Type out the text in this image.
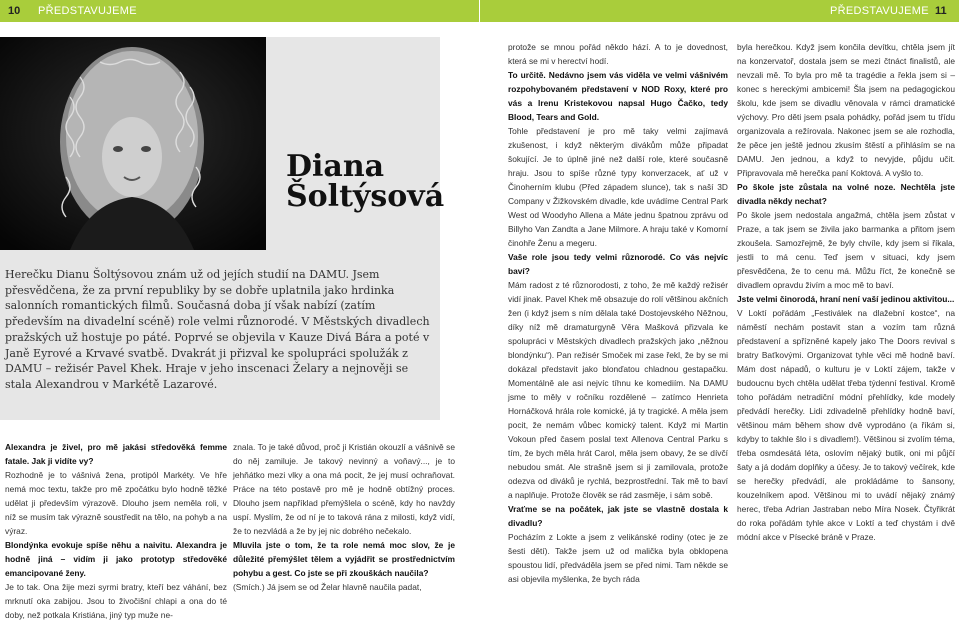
10 PŘEDSTAVUJEME
Diana
Šoltýsová
Herečku Dianu Šoltýsovou znám už od jejích studií na DAMU. Jsem přesvědčena, že za první republiky by se dobře uplatnila jako hrdinka salonních romantických filmů. Současná doba jí však nabízí (zatím především na divadelní scéně) role velmi různorodé. V Městských divadlech pražských už hostuje po páté. Poprvé se objevila v Kauze Divá Bára a poté v Janě Eyrové a Krvavé svatbě. Dvakrát ji přizval ke spolupráci spolužák z DAMU – režisér Pavel Khek. Hraje v jeho inscenaci Želary a nejnověji se stala Alexandrou v Markétě Lazarové.

Alexandra je živel, pro mě jakási středověká femme fatale. Jak ji vidíte vy?

Rozhodně je to vášnivá žena, protipól Markéty. Ve hře nemá moc textu, takže pro mě zpočátku bylo hodně těžké udělat ji především výrazově. Dlouho jsem neměla roli, v níž se musím tak výrazně soustředit na tělo, na pohyb a na výraz.

Blondýnka evokuje spíše něhu a naivitu. Alexandra je hodně jiná – vidím ji jako prototyp středověké emancipované ženy.

Je to tak. Ona žije mezi syrmi bratry, kteří bez váhání, bez mrknutí oka zabijou. Jsou to živočišní chlapi a ona do té doby, než potkala Kristiána, jiný typ muže ne-

znala. To je také důvod, proč ji Kristián okouzlí a vášnivě se do něj zamiluje. Je takový nevinný a voňavý..., je to jehňátko mezi vlky a ona má pocit, že jej musí ochraňovat. Práce na této postavě pro mě je hodně obtížný proces. Dlouho jsem například přemýšlela o scéně, kdy ho navždy uspí. Myslím, že od ní je to taková rána z milosti, když vidí, že to nezvládá a že by jej nic dobrého nečekalo.

Mluvila jste o tom, že ta role nemá moc slov, že je důležité přemýšlet tělem a vyjádřit se prostřednictvím pohybu a gest. Co jste se při zkouškách naučila?

(Smích.) Já jsem se od Želar hlavně naučila padat,

PŘEDSTAVUJEME 11

protože se mnou pořád někdo hází. A to je dovednost, která se mi v herectví hodí.

To určitě. Nedávno jsem vás viděla ve velmi vášnivém rozpohybovaném představení v NOD Roxy, které pro vás a Irenu Kristekovou napsal Hugo Čačko, tedy Blood, Tears and Gold.

Tohle představení je pro mě taky velmi zajímavá zkušenost, i když některým divákům může připadat šokující. Je to úplně jiné než další role, které současně hraju. Jsou to spíše různé typy konverzacek, ať už v Činoherním klubu (Před západem slunce), tak s naší 3D Company v Žižkovském divadle, kde uvádíme Central Park West od Woodyho Allena a Máte jednu špatnou zprávu od Billyho Van Zandta a Jane Milmore. A hraju také v Komorní činohře Ženu a megeru.

Vaše role jsou tedy velmi různorodé. Co vás nejvíc baví?

Mám radost z té různorodosti, z toho, že mě každý režisér vidí jinak. Pavel Khek mě obsazuje do rolí většinou akčních žen (i když jsem s ním dělala také Dostojevského Něžnou, díky níž mě dramaturgyně Věra Mašková přizvala ke spolupráci v Městských divadlech pražských jako „něžnou blondýnku“). Pan režisér Smoček mi zase řekl, že by se mi dokázal představit jako blonďatou chladnou gestapačku. Momentálně ale asi nejvíc tíhnu ke komediím. Na DAMU jsme to měly v ročníku rozdělené – zatímco Henrieta Hornáčková hrála role komické, já ty tragické. A měla jsem pocit, že nemám vůbec komický talent. Když mi Martin Vokoun před časem poslal text Allenova Central Parku s tím, že bych měla hrát Carol, měla jsem obavy, že se dívčí nebudou smát. Ale strašně jsem si ji zamilovala, protože odezva od diváků je rychlá, bezprostřední. Tak mě to baví a naplňuje. Protože člověk se rád zasměje, i sám sobě.

Vraťme se na počátek, jak jste se vlastně dostala k divadlu?

Pocházím z Lokte a jsem z velikánské rodiny (otec je ze šesti dětí). Takže jsem už od malička byla obklopena spoustou lidí, předváděla jsem se před nimi. Tam někde se asi objevila myšlenka, že bych ráda

byla herečkou. Když jsem končila devítku, chtěla jsem jít na konzervatoř, dostala jsem se mezi čtnáct finalistů, ale nevzali mě. To byla pro mě ta tragédie a řekla jsem si – konec s hereckými ambicemi! Šla jsem na pedagogickou školu, kde jsem se divadlu věnovala v rámci dramatické výchovy. Pro děti jsem psala pohádky, pořád jsem tu třídu organizovala a režírovala. Nakonec jsem se ale rozhodla, že pěce jen ještě jednou zkusím štěstí a přihlásím se na DAMU. Jen jednou, a když to nevyjde, půjdu učit. Připravovala mě herečka paní Koktová. A vyšlo to.

Po škole jste zůstala na volné noze. Nechtěla jste divadla někdy nechat?

Po škole jsem nedostala angažmá, chtěla jsem zůstat v Praze, a tak jsem se živila jako barmanka a přitom jsem zkoušela. Samozřejmě, že byly chvíle, kdy jsem si říkala, jestli to má cenu. Teď jsem v situaci, kdy jsem přesvědčena, že to cenu má. Můžu říct, že konečně se divadlem opravdu živím a moc mě to baví.

Jste velmi činorodá, hraní není vaší jedinou aktivitou...

V Loktí pořádám „Festiválek na dlažební kostce“, na náměstí nechám postavit stan a vozím tam různá představení a spřízněné kapely jako The Doors revival s bratry Baťkovými. Organizovat tyhle věci mě hodně baví. Mám dost nápadů, o kulturu je v Loktí zájem, takže v budoucnu bych chtěla udělat třeba týdenní festival. Kromě toho pořádám netradiční módní přehlídky, kde modely předvádí herečky. Lidi zdivadelně přehlídky hodně baví, většinou mám během show dvě vyprodáno (a říkám si, kdyby to takhle šlo i s divadlem!). Většinou si zvolím téma, třeba osmdesátá léta, oslovím nějaký butik, oni mi půjčí šaty a já dodám doplňky a účesy. Je to takový večírek, kde se herečky předvádí, ale prokládáme to šansony, kouzelníkem apod. Většinou mi to uvádí nějaký známý herec, třeba Adrian Jastraban nebo Míra Nosek. Čtyřikrát do roka pořádám tyhle akce v Loktí a teď chystám i dvě módní akce v Písecké bráně v Praze.
